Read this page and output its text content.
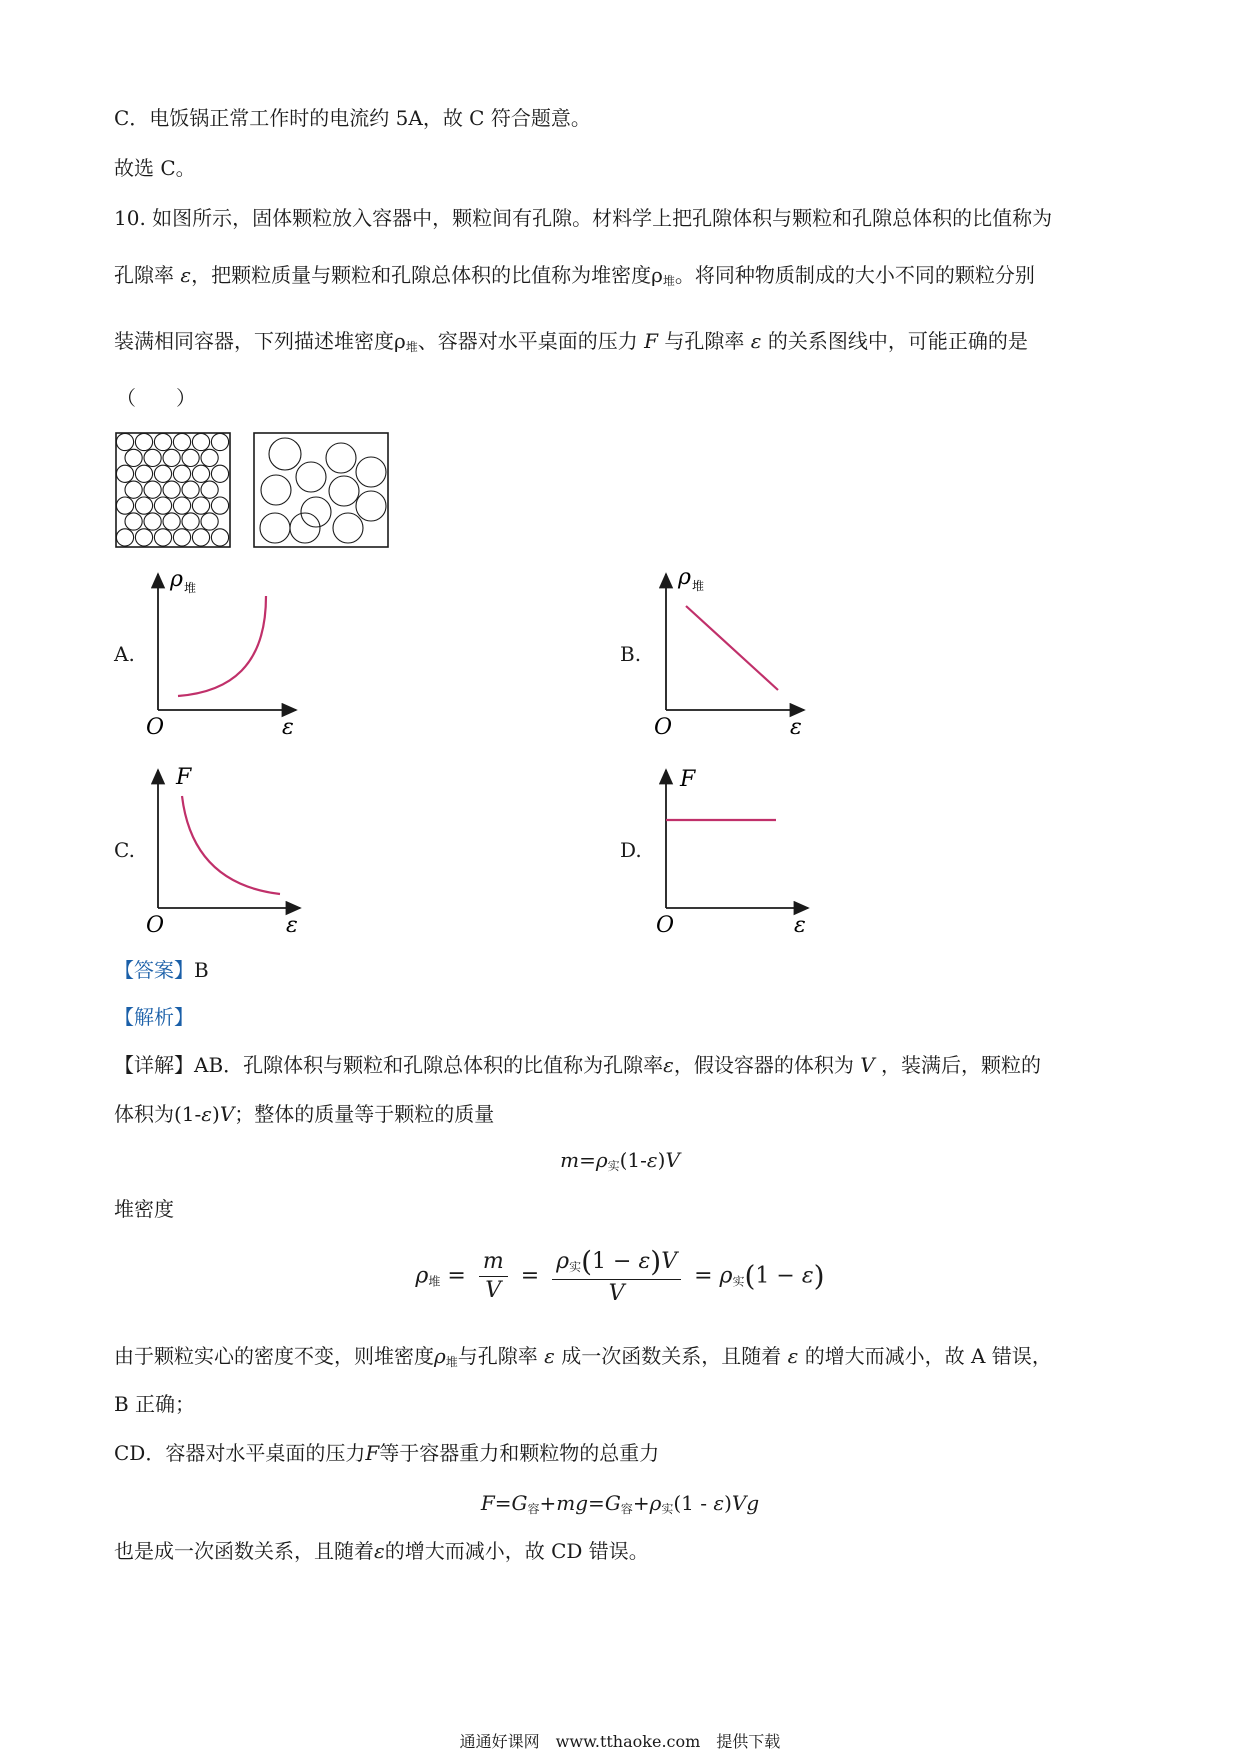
C．电饭锅正常工作时的电流约 5A，故 C 符合题意。
故选 C。
10. 如图所示，固体颗粒放入容器中，颗粒间有孔隙。材料学上把孔隙体积与颗粒和孔隙总体积的比值称为
孔隙率 ε，把颗粒质量与颗粒和孔隙总体积的比值称为堆密度$\rho_堆$。将同种物质制成的大小不同的颗粒分别
装满相同容器，下列描述堆密度$\rho_堆$、容器对水平桌面的压力 F 与孔隙率 ε 的关系图线中，可能正确的是
（　　）
A.
ρ 堆
O	ε
B.
ρ 堆
O	ε
C.
F
O	ε
D.
F
O	ε
【答案】B
【解析】
【详解】AB．孔隙体积与颗粒和孔隙总体积的比值称为孔隙率ε，假设容器的体积为 V ，装满后，颗粒的
体积为(1-ε)V；整体的质量等于颗粒的质量
$m=\rho_实(1-\varepsilon)V$
堆密度
$\rho_堆 = \frac{m}{V} = \frac{\rho_实(1 - \varepsilon)V}{V} = \rho_实(1 - \varepsilon)$
由于颗粒实心的密度不变，则堆密度$\rho_堆$与孔隙率 ε 成一次函数关系，且随着 ε 的增大而减小，故 A 错误，
B 正确；
CD．容器对水平桌面的压力F等于容器重力和颗粒物的总重力
$F=G_容+mg=G_容+\rho_实(1 - \varepsilon)Vg$
也是成一次函数关系，且随着ε的增大而减小，故 CD 错误。
通通好课网　www.tthaoke.com　提供下载
